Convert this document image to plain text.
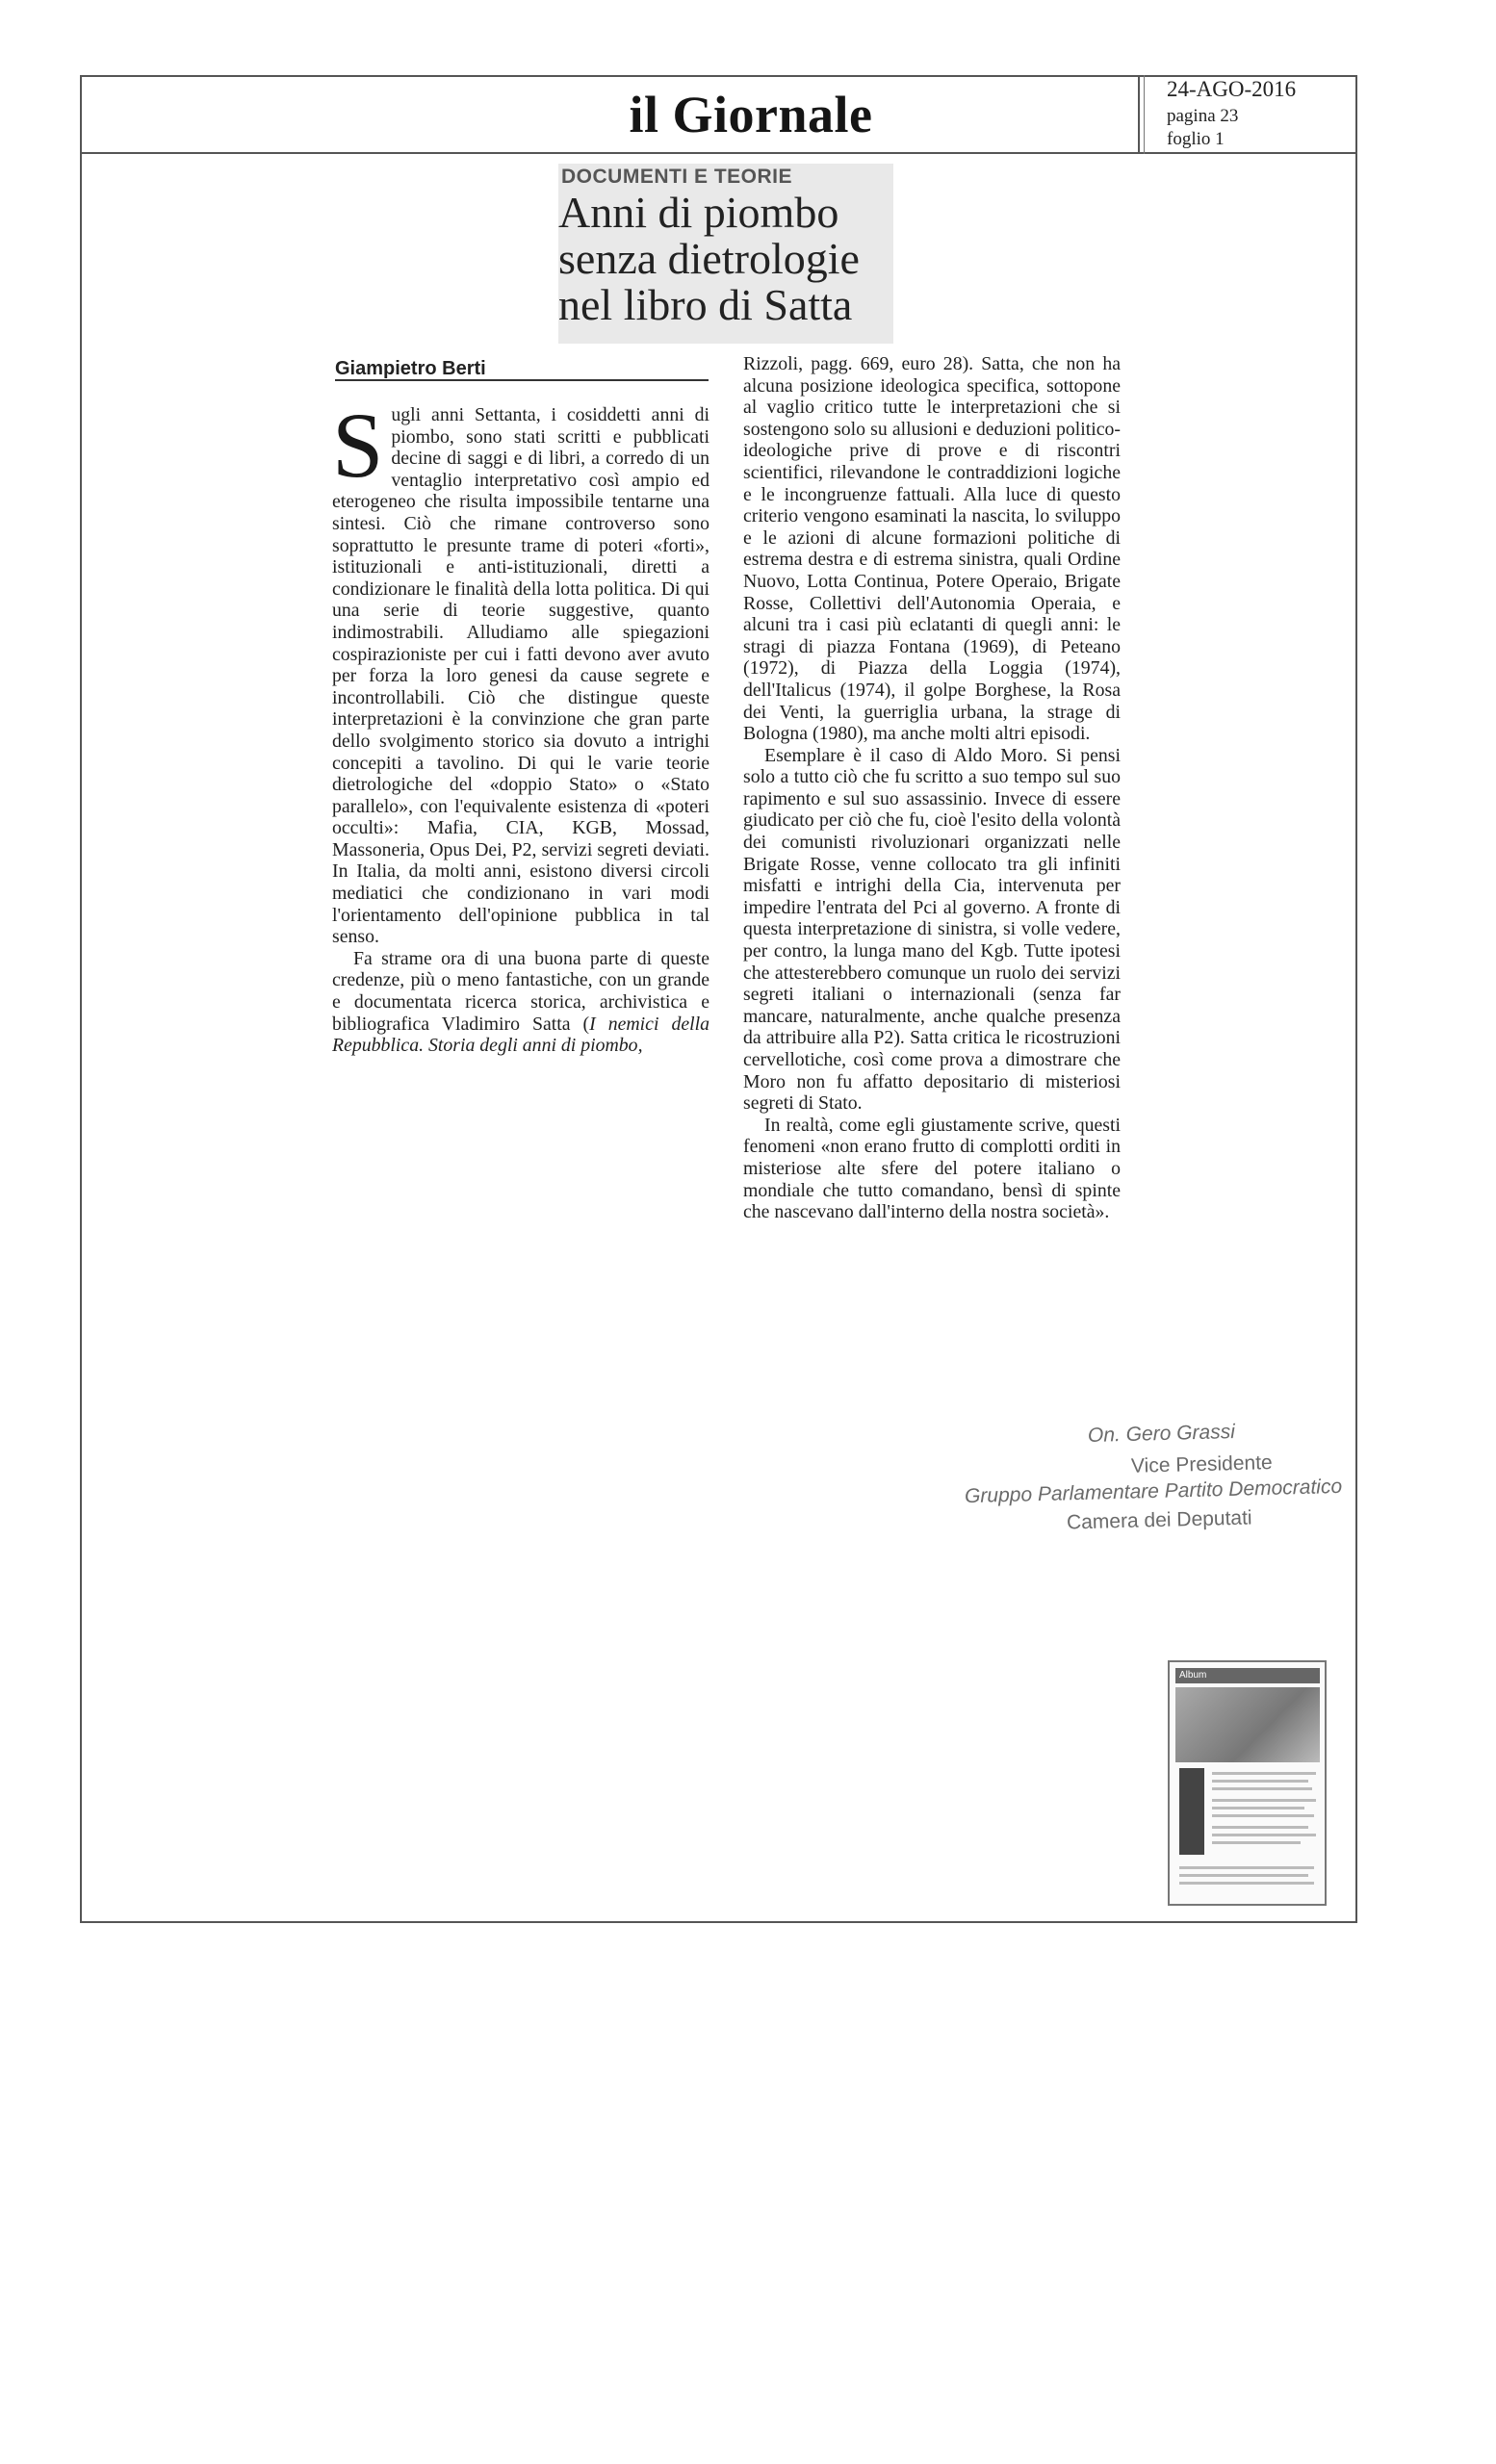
il Giornale	24-AGO-2016
pagina 23
foglio 1
DOCUMENTI E TEORIE
Anni di piombo
senza dietrologie
nel libro di Satta
Giampietro Berti

Sugli anni Settanta, i cosiddetti anni di piombo, sono stati scritti e pubblicati decine di saggi e di libri, a corredo di un ventaglio interpretativo così ampio ed eterogeneo che risulta impossibile tentarne una sintesi. Ciò che rimane controverso sono soprattutto le presunte trame di poteri «forti», istituzionali e anti-istituzionali, diretti a condizionare le finalità della lotta politica. Di qui una serie di teorie suggestive, quanto indimostrabili. Alludiamo alle spiegazioni cospirazioniste per cui i fatti devono aver avuto per forza la loro genesi da cause segrete e incontrollabili. Ciò che distingue queste interpretazioni è la convinzione che gran parte dello svolgimento storico sia dovuto a intrighi concepiti a tavolino. Di qui le varie teorie dietrologiche del «doppio Stato» o «Stato parallelo», con l'equivalente esistenza di «poteri occulti»: Mafia, CIA, KGB, Mossad, Massoneria, Opus Dei, P2, servizi segreti deviati. In Italia, da molti anni, esistono diversi circoli mediatici che condizionano in vari modi l'orientamento dell'opinione pubblica in tal senso.

Fa strame ora di una buona parte di queste credenze, più o meno fantastiche, con un grande e documentata ricerca storica, archivistica e bibliografica Vladimiro Satta (I nemici della Repubblica. Storia degli anni di piombo,

Rizzoli, pagg. 669, euro 28). Satta, che non ha alcuna posizione ideologica specifica, sottopone al vaglio critico tutte le interpretazioni che si sostengono solo su allusioni e deduzioni politico-ideologiche prive di prove e di riscontri scientifici, rilevandone le contraddizioni logiche e le incongruenze fattuali. Alla luce di questo criterio vengono esaminati la nascita, lo sviluppo e le azioni di alcune formazioni politiche di estrema destra e di estrema sinistra, quali Ordine Nuovo, Lotta Continua, Potere Operaio, Brigate Rosse, Collettivi dell'Autonomia Operaia, e alcuni tra i casi più eclatanti di quegli anni: le stragi di piazza Fontana (1969), di Peteano (1972), di Piazza della Loggia (1974), dell'Italicus (1974), il golpe Borghese, la Rosa dei Venti, la guerriglia urbana, la strage di Bologna (1980), ma anche molti altri episodi.

Esemplare è il caso di Aldo Moro. Si pensi solo a tutto ciò che fu scritto a suo tempo sul suo rapimento e sul suo assassinio. Invece di essere giudicato per ciò che fu, cioè l'esito della volontà dei comunisti rivoluzionari organizzati nelle Brigate Rosse, venne collocato tra gli infiniti misfatti e intrighi della Cia, intervenuta per impedire l'entrata del Pci al governo. A fronte di questa interpretazione di sinistra, si volle vedere, per contro, la lunga mano del Kgb. Tutte ipotesi che attesterebbero comunque un ruolo dei servizi segreti italiani o internazionali (senza far mancare, naturalmente, anche qualche presenza da attribuire alla P2). Satta critica le ricostruzioni cervellotiche, così come prova a dimostrare che Moro non fu affatto depositario di misteriosi segreti di Stato.

In realtà, come egli giustamente scrive, questi fenomeni «non erano frutto di complotti orditi in misteriose alte sfere del potere italiano o mondiale che tutto comandano, bensì di spinte che nascevano dall'interno della nostra società».

On. Gero Grassi
Vice Presidente
Gruppo Parlamentare Partito Democratico
Camera dei Deputati
Album
